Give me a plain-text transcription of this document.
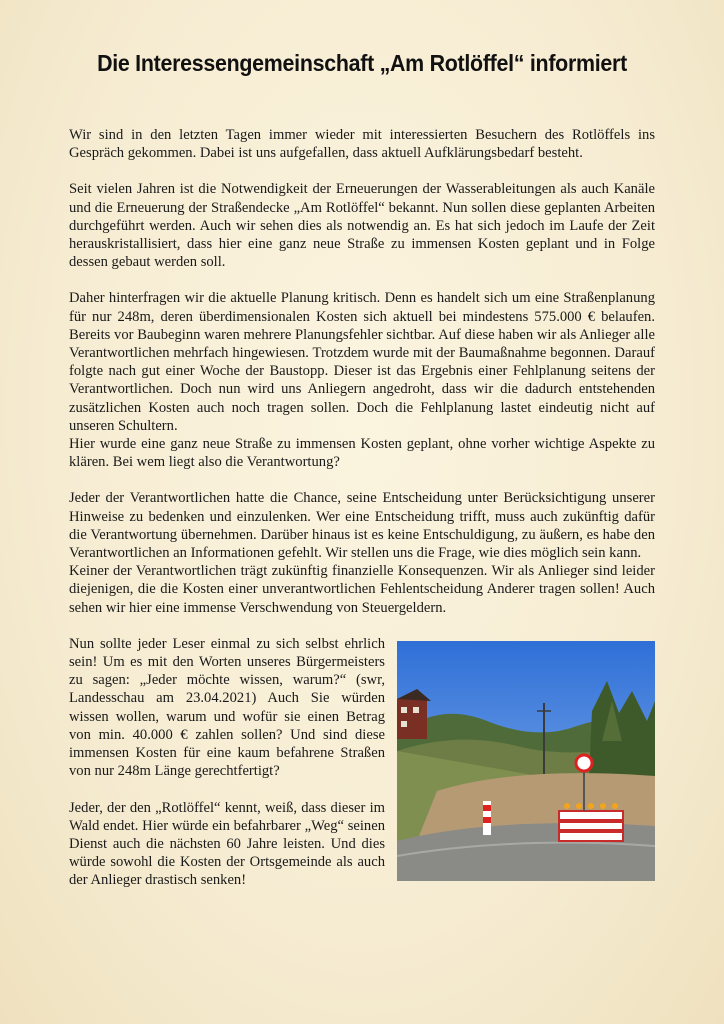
Die Interessengemeinschaft „Am Rotlöffel“ informiert

Wir sind in den letzten Tagen immer wieder mit interessierten Besuchern des Rotlöffels ins Gespräch gekommen. Dabei ist uns aufgefallen, dass aktuell Aufklärungsbedarf besteht.

Seit vielen Jahren ist die Notwendigkeit der Erneuerungen der Wasserableitungen als auch Kanäle und die Erneuerung der Straßendecke „Am Rotlöffel“ bekannt. Nun sollen diese geplanten Arbeiten durchgeführt werden. Auch wir sehen dies als notwendig an. Es hat sich jedoch im Laufe der Zeit herauskristallisiert, dass hier eine ganz neue Straße zu immensen Kosten geplant und in Folge dessen gebaut werden soll.

Daher hinterfragen wir die aktuelle Planung kritisch. Denn es handelt sich um eine Straßenplanung für nur 248m, deren überdimensionalen Kosten sich aktuell bei mindestens 575.000 € belaufen. Bereits vor Baubeginn waren mehrere Planungsfehler sichtbar. Auf diese haben wir als Anlieger alle Verantwortlichen mehrfach hingewiesen. Trotzdem wurde mit der Baumaßnahme begonnen. Darauf folgte nach gut einer Woche der Baustopp. Dieser ist das Ergebnis einer Fehlplanung seitens der Verantwortlichen. Doch nun wird uns Anliegern angedroht, dass wir die dadurch entstehenden zusätzlichen Kosten auch noch tragen sollen. Doch die Fehlplanung lastet eindeutig nicht auf unseren Schultern.

Hier wurde eine ganz neue Straße zu immensen Kosten geplant, ohne vorher wichtige Aspekte zu klären. Bei wem liegt also die Verantwortung?

Jeder der Verantwortlichen hatte die Chance, seine Entscheidung unter Berücksichtigung unserer Hinweise zu bedenken und einzulenken. Wer eine Entscheidung trifft, muss auch zukünftig dafür die Verantwortung übernehmen. Darüber hinaus ist es keine Entschuldigung, zu äußern, es habe den Verantwortlichen an Informationen gefehlt. Wir stellen uns die Frage, wie dies möglich sein kann.

Keiner der Verantwortlichen trägt zukünftig finanzielle Konsequenzen. Wir als Anlieger sind leider diejenigen, die die Kosten einer unverantwortlichen Fehlentscheidung Anderer tragen sollen! Auch sehen wir hier eine immense Verschwendung von Steuergeldern.

Nun sollte jeder Leser einmal zu sich selbst ehrlich sein! Um es mit den Worten unseres Bürgermeisters zu sagen: „Jeder möchte wissen, warum?“ (swr, Landesschau am 23.04.2021) Auch Sie würden wissen wollen, warum und wofür sie einen Betrag von min. 40.000 € zahlen sollen? Und sind diese immensen Kosten für eine kaum befahrene Straßen von nur 248m Länge gerechtfertigt?

Jeder, der den „Rotlöffel“ kennt, weiß, dass dieser im Wald endet. Hier würde ein befahrbarer „Weg“ seinen Dienst auch die nächsten 60 Jahre leisten. Und dies würde sowohl die Kosten der Ortsgemeinde als auch der Anlieger drastisch senken!
